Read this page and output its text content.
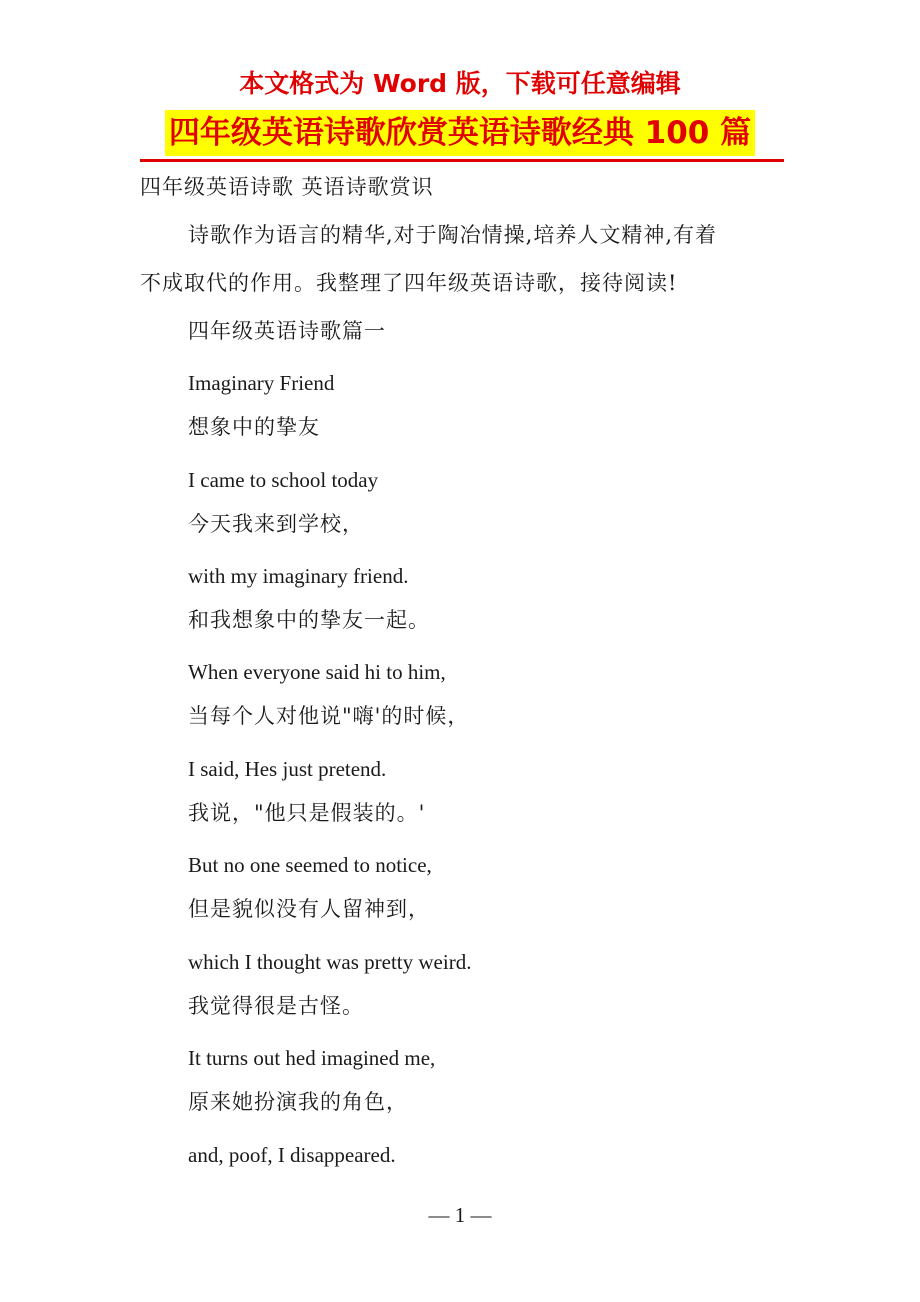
本文格式为 Word 版，下载可任意编辑
四年级英语诗歌欣赏英语诗歌经典 100 篇
四年级英语诗歌 英语诗歌赏识
诗歌作为语言的精华,对于陶冶情操,培养人文精神,有着
不成取代的作用。我整理了四年级英语诗歌，接待阅读!
四年级英语诗歌篇一
Imaginary Friend
想象中的挚友
I came to school today
今天我来到学校，
with my imaginary friend.
和我想象中的挚友一起。
When everyone said hi to him,
当每个人对他说"嗨'的时候，
I said, Hes just pretend.
我说，"他只是假装的。'
But no one seemed to notice,
但是貌似没有人留神到，
which I thought was pretty weird.
我觉得很是古怪。
It turns out hed imagined me,
原来她扮演我的角色，
and, poof, I disappeared.
— 1 —
